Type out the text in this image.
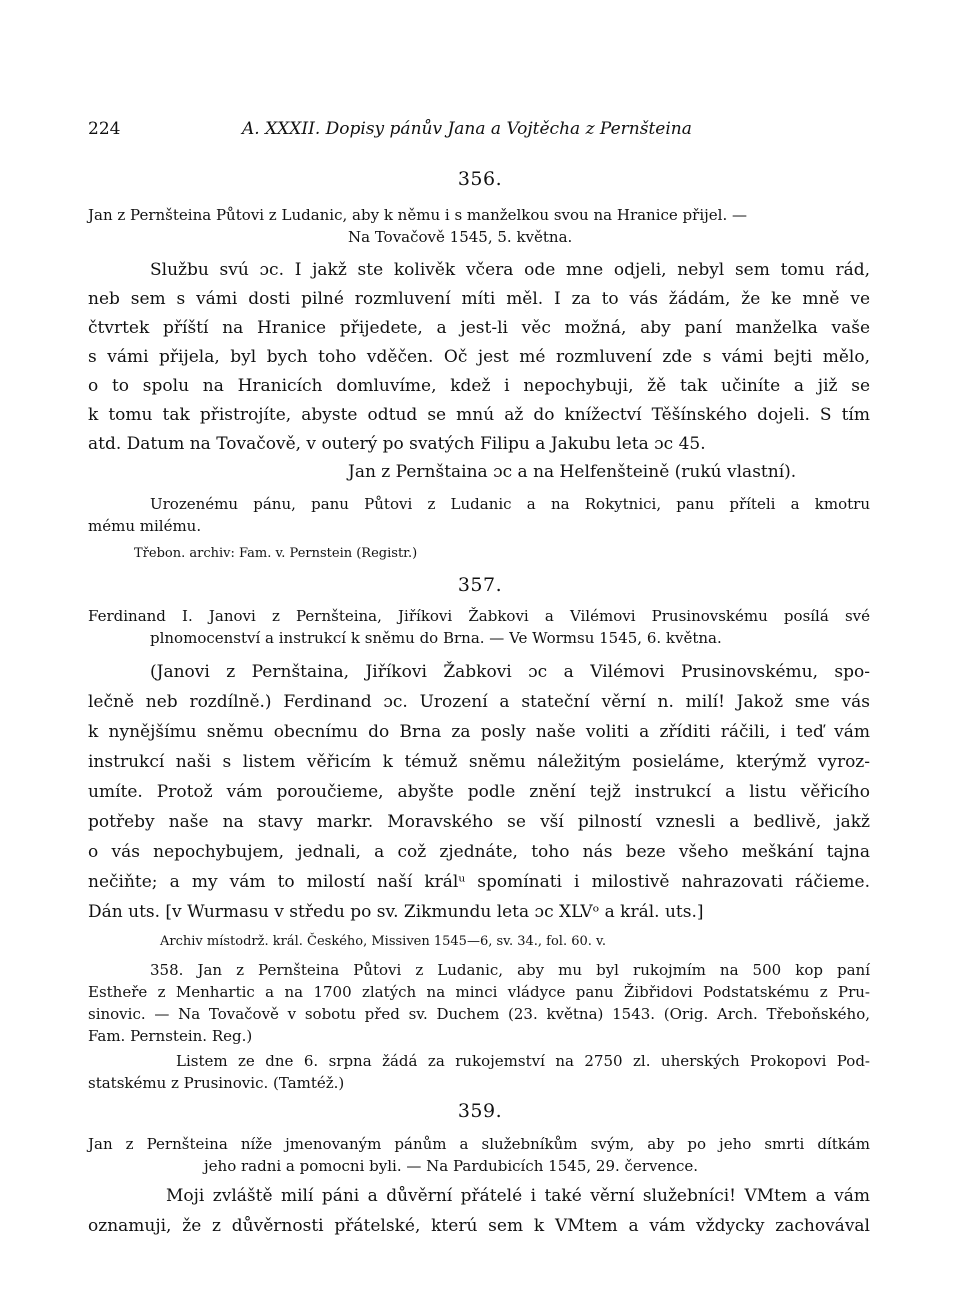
224	A. XXXII. Dopisy pánův Jana a Vojtěcha z Pernšteina
356.
Jan z Pernšteina Půtovi z Ludanic, aby k němu i s manželkou svou na Hranice přijel. —
Na Tovačově 1545, 5. května.
Službu svú ɔc. I jakž ste kolivěk včera ode mne odjeli, nebyl sem tomu rád,
neb sem s vámi dosti pilné rozmluvení míti měl. I za to vás žádám, že ke mně ve
čtvrtek příští na Hranice přijedete, a jest-li věc možná, aby paní manželka vaše
s vámi přijela, byl bych toho vděčen. Oč jest mé rozmluvení zde s vámi bejti mělo,
o to spolu na Hranicích domluvíme, kdež i nepochybuji, žě tak učiníte a již se
k tomu tak přistrojíte, abyste odtud se mnú až do knížectví Těšínského dojeli. S tím
atd. Datum na Tovačově, v outerý po svatých Filipu a Jakubu leta ɔc 45.
Jan z Pernštaina ɔc a na Helfenšteině (rukú vlastní).
Urozenému pánu, panu Půtovi z Ludanic a na Rokytnici, panu příteli a kmotru
mému milému.
Třebon. archiv: Fam. v. Pernstein (Registr.)
357.
Ferdinand I. Janovi z Pernšteina, Jiříkovi Žabkovi a Vilémovi Prusinovskému posílá své
plnomocenství a instrukcí k sněmu do Brna. — Ve Wormsu 1545, 6. května.
(Janovi z Pernštaina, Jiříkovi Žabkovi ɔc a Vilémovi Prusinovskému, spo-
lečně neb rozdílně.) Ferdinand ɔc. Urození a stateční věrní n. milí! Jakož sme vás
k nynějšímu sněmu obecnímu do Brna za posly naše voliti a zříditi ráčili, i teď vám
instrukcí naši s listem věřicím k témuž sněmu náležitým posieláme, kterýmž vyroz-
umíte. Protož vám poroučieme, abyšte podle znění tejž instrukcí a listu věřicího
potřeby naše na stavy markr. Moravského se vší pilností vznesli a bedlivě, jakž
o vás nepochybujem, jednali, a což zjednáte, toho nás beze všeho meškání tajna
nečiňte; a my vám to milostí naší králᵘ spomínati i milostivě nahrazovati ráčieme.
Dán uts. [v Wurmasu v středu po sv. Zikmundu leta ɔc XLVᵒ a král. uts.]
Archiv místodrž. král. Českého, Missiven 1545—6, sv. 34., fol. 60. v.
358. Jan z Pernšteina Půtovi z Ludanic, aby mu byl rukojmím na 500 kop paní
Estheře z Menhartic a na 1700 zlatých na minci vládyce panu Žibřidovi Podstatskému z Pru-
sinovic. — Na Tovačově v sobotu před sv. Duchem (23. května) 1543. (Orig. Arch. Třeboňského,
Fam. Pernstein. Reg.)
Listem ze dne 6. srpna žádá za rukojemství na 2750 zl. uherských Prokopovi Pod-
statskému z Prusinovic. (Tamtéž.)
359.
Jan z Pernšteina níže jmenovaným pánům a služebníkům svým, aby po jeho smrti dítkám
jeho radni a pomocni byli. — Na Pardubicích 1545, 29. července.
Moji zvláště milí páni a důvěrní přátelé i také věrní služebníci! VMtem a vám
oznamuji, že z důvěrnosti přátelské, kterú sem k VMtem a vám vždycky zachovával
